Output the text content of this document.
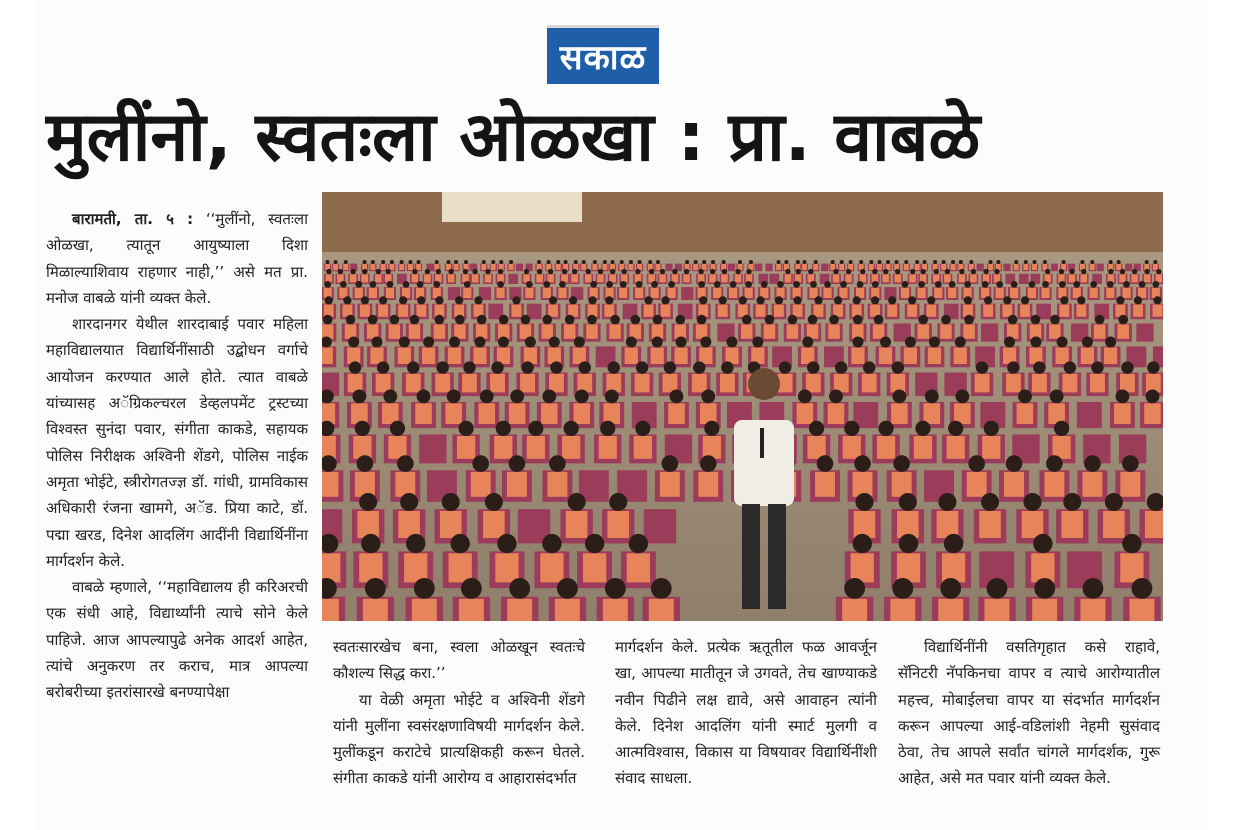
सकाळ
मुलींनो, स्वतःला ओळखा : प्रा. वाबळे

बारामती, ता. ५ : ‘‘मुलींनो, स्वतःला ओळखा, त्यातून आयुष्याला दिशा मिळाल्याशिवाय राहणार नाही,’’ असे मत प्रा. मनोज वाबळे यांनी व्यक्त केले.

शारदानगर येथील शारदाबाई पवार महिला महाविद्यालयात विद्यार्थिनींसाठी उद्बोधन वर्गाचे आयोजन करण्यात आले होते. त्यात वाबळे यांच्यासह अॅग्रिकल्चरल डेव्हलपमेंट ट्रस्टच्या विश्वस्त सुनंदा पवार, संगीता काकडे, सहायक पोलिस निरीक्षक अश्विनी शेंडगे, पोलिस नाईक अमृता भोईटे, स्त्रीरोगतज्ज्ञ डॉ. गांधी, ग्रामविकास अधिकारी रंजना खामगे, अॅड. प्रिया काटे, डॉ. पद्मा खरड, दिनेश आदलिंग आदींनी विद्यार्थिनींना मार्गदर्शन केले.

वाबळे म्हणाले, ‘‘महाविद्यालय ही करिअरची एक संधी आहे, विद्यार्थ्यांनी त्याचे सोने केले पाहिजे. आज आपल्यापुढे अनेक आदर्श आहेत, त्यांचे अनुकरण तर कराच, मात्र आपल्या बरोबरीच्या इतरांसारखे बनण्यापेक्षा

स्वतःसारखेच बना, स्वला ओळखून स्वतःचे कौशल्य सिद्ध करा.’’

या वेळी अमृता भोईटे व अश्विनी शेंडगे यांनी मुलींना स्वसंरक्षणाविषयी मार्गदर्शन केले. मुलींकडून कराटेचे प्रात्यक्षिकही करून घेतले. संगीता काकडे यांनी आरोग्य व आहारासंदर्भात

मार्गदर्शन केले. प्रत्येक ऋतूतील फळ आवर्जून खा, आपल्या मातीतून जे उगवते, तेच खाण्याकडे नवीन पिढीने लक्ष द्यावे, असे आवाहन त्यांनी केले. दिनेश आदलिंग यांनी स्मार्ट मुलगी व आत्मविश्वास, विकास या विषयावर विद्यार्थिनींशी संवाद साधला.

विद्यार्थिनींनी वसतिगृहात कसे राहावे, सॅनिटरी नॅपकिनचा वापर व त्याचे आरोग्यातील महत्त्व, मोबाईलचा वापर या संदर्भात मार्गदर्शन करून आपल्या आई-वडिलांशी नेहमी सुसंवाद ठेवा, तेच आपले सर्वांत चांगले मार्गदर्शक, गुरू आहेत, असे मत पवार यांनी व्यक्त केले.
